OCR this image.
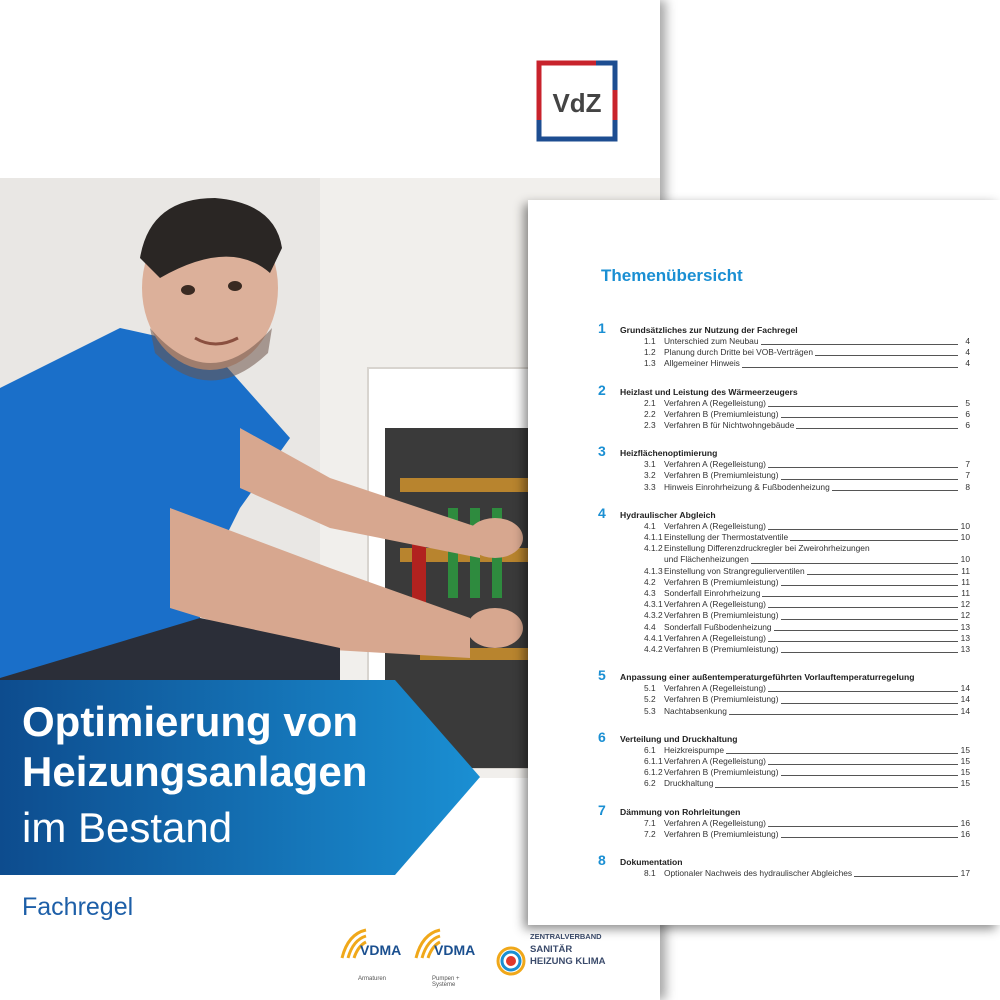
VdZ
Optimierung von
Heizungsanlagen
im Bestand
Fachregel
VDMA
Armaturen
VDMA
Pumpen + Systeme
ZENTRALVERBAND
SANITÄR
HEIZUNG KLIMA
Themenübersicht
1 Grundsätzliches zur Nutzung der Fachregel
1.1 Unterschied zum Neubau	4
1.2 Planung durch Dritte bei VOB-Verträgen	4
1.3 Allgemeiner Hinweis	4
2 Heizlast und Leistung des Wärmeerzeugers
2.1 Verfahren A (Regelleistung)	5
2.2 Verfahren B (Premiumleistung)	6
2.3 Verfahren B für Nichtwohngebäude	6
3 Heizflächenoptimierung
3.1 Verfahren A (Regelleistung)	7
3.2 Verfahren B (Premiumleistung)	7
3.3 Hinweis Einrohrheizung & Fußbodenheizung	8
4 Hydraulischer Abgleich
4.1 Verfahren A (Regelleistung)	10
4.1.1 Einstellung der Thermostatventile	10
4.1.2 Einstellung Differenzdruckregler bei Zweirohrheizungen
und Flächenheizungen	10
4.1.3 Einstellung von Strangregulierventilen	11
4.2 Verfahren B (Premiumleistung)	11
4.3 Sonderfall Einrohrheizung	11
4.3.1 Verfahren A (Regelleistung)	12
4.3.2 Verfahren B (Premiumleistung)	12
4.4 Sonderfall Fußbodenheizung	13
4.4.1 Verfahren A (Regelleistung)	13
4.4.2 Verfahren B (Premiumleistung)	13
5 Anpassung einer außentemperaturgeführten Vorlauftemperaturregelung
5.1 Verfahren A (Regelleistung)	14
5.2 Verfahren B (Premiumleistung)	14
5.3 Nachtabsenkung	14
6 Verteilung und Druckhaltung
6.1 Heizkreispumpe	15
6.1.1 Verfahren A (Regelleistung)	15
6.1.2 Verfahren B (Premiumleistung)	15
6.2 Druckhaltung	15
7 Dämmung von Rohrleitungen
7.1 Verfahren A (Regelleistung)	16
7.2 Verfahren B (Premiumleistung)	16
8 Dokumentation
8.1 Optionaler Nachweis des hydraulischer Abgleiches	17
